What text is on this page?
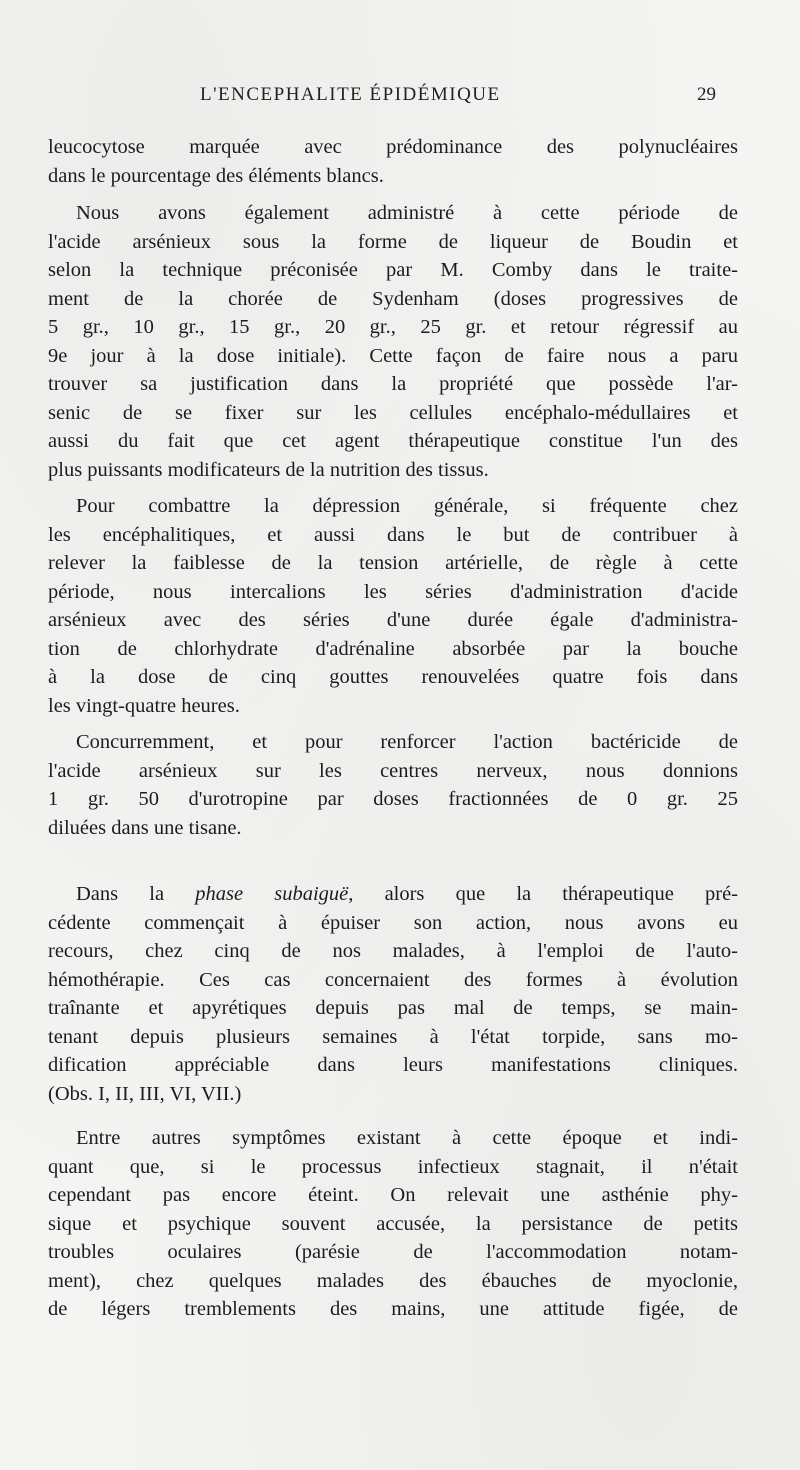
L'ENCEPHALITE ÉPIDÉMIQUE	29

leucocytose marquée avec prédominance des polynucléaires
dans le pourcentage des éléments blancs.

Nous avons également administré à cette période de
l'acide arsénieux sous la forme de liqueur de Boudin et
selon la technique préconisée par M. Comby dans le traite-
ment de la chorée de Sydenham (doses progressives de
5 gr., 10 gr., 15 gr., 20 gr., 25 gr. et retour régressif au
9e jour à la dose initiale). Cette façon de faire nous a paru
trouver sa justification dans la propriété que possède l'ar-
senic de se fixer sur les cellules encéphalo-médullaires et
aussi du fait que cet agent thérapeutique constitue l'un des
plus puissants modificateurs de la nutrition des tissus.

Pour combattre la dépression générale, si fréquente chez
les encéphalitiques, et aussi dans le but de contribuer à
relever la faiblesse de la tension artérielle, de règle à cette
période, nous intercalions les séries d'administration d'acide
arsénieux avec des séries d'une durée égale d'administra-
tion de chlorhydrate d'adrénaline absorbée par la bouche
à la dose de cinq gouttes renouvelées quatre fois dans
les vingt-quatre heures.

Concurremment, et pour renforcer l'action bactéricide de
l'acide arsénieux sur les centres nerveux, nous donnions
1 gr. 50 d'urotropine par doses fractionnées de 0 gr. 25
diluées dans une tisane.

Dans la phase subaiguë, alors que la thérapeutique pré-
cédente commençait à épuiser son action, nous avons eu
recours, chez cinq de nos malades, à l'emploi de l'auto-
hémothérapie. Ces cas concernaient des formes à évolution
traînante et apyrétiques depuis pas mal de temps, se main-
tenant depuis plusieurs semaines à l'état torpide, sans mo-
dification appréciable dans leurs manifestations cliniques.
(Obs. I, II, III, VI, VII.)

Entre autres symptômes existant à cette époque et indi-
quant que, si le processus infectieux stagnait, il n'était
cependant pas encore éteint. On relevait une asthénie phy-
sique et psychique souvent accusée, la persistance de petits
troubles oculaires (parésie de l'accommodation notam-
ment), chez quelques malades des ébauches de myoclonie,
de légers tremblements des mains, une attitude figée, de
